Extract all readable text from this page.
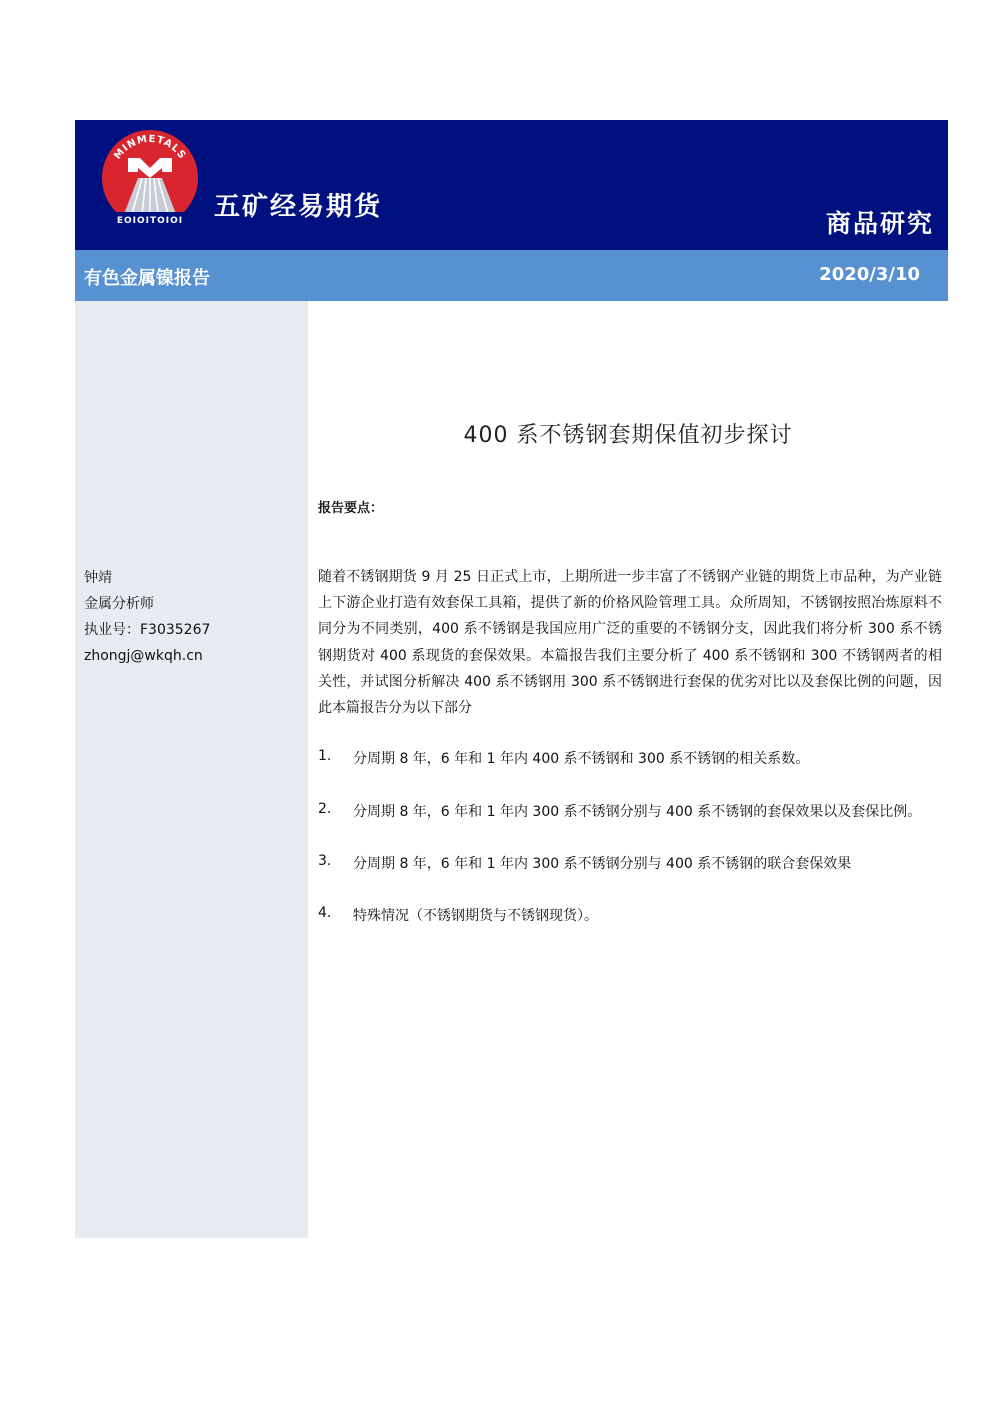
MINMETALS
EOIOITOIOI 五矿经易期货
商品研究
有色金属镍报告	2020/3/10
钟靖
金属分析师
执业号：F3035267
zhongj@wkqh.cn
400 系不锈钢套期保值初步探讨
报告要点：
随着不锈钢期货 9 月 25 日正式上市，上期所进一步丰富了不锈钢产业链的期货上市品种，为产业链上下游企业打造有效套保工具箱，提供了新的价格风险管理工具。众所周知，不锈钢按照冶炼原料不同分为不同类别，400 系不锈钢是我国应用广泛的重要的不锈钢分支，因此我们将分析 300 系不锈钢期货对 400 系现货的套保效果。本篇报告我们主要分析了 400 系不锈钢和 300 不锈钢两者的相关性，并试图分析解决 400 系不锈钢用 300 系不锈钢进行套保的优劣对比以及套保比例的问题，因此本篇报告分为以下部分
1. 分周期 8 年，6 年和 1 年内 400 系不锈钢和 300 系不锈钢的相关系数。
2. 分周期 8 年，6 年和 1 年内 300 系不锈钢分别与 400 系不锈钢的套保效果以及套保比例。
3. 分周期 8 年，6 年和 1 年内 300 系不锈钢分别与 400 系不锈钢的联合套保效果
4. 特殊情况（不锈钢期货与不锈钢现货）。
